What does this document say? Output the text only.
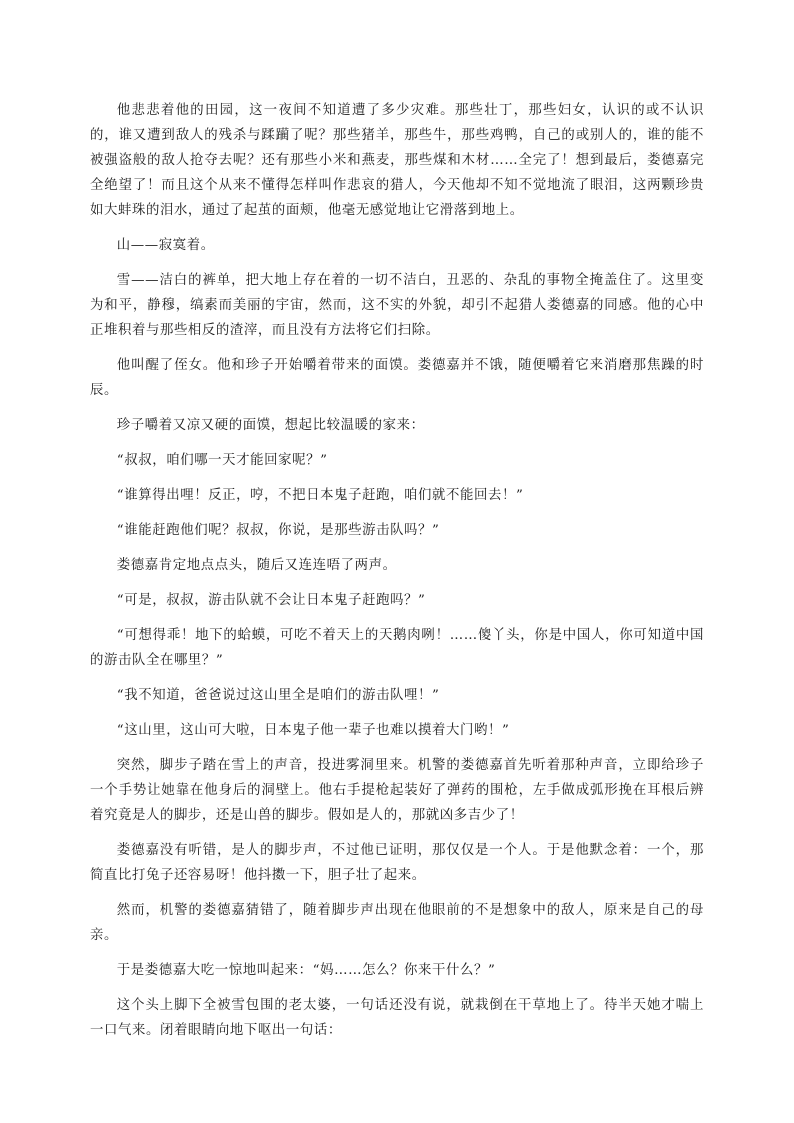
他悲悲着他的田园，这一夜间不知道遭了多少灾难。那些壮丁，那些妇女，认识的或不认识的，谁又遭到敌人的残杀与蹂躏了呢？那些猪羊，那些牛，那些鸡鸭，自己的或别人的，谁的能不被强盗般的敌人抢夺去呢？还有那些小米和燕麦，那些煤和木材……全完了！想到最后，娄德嘉完全绝望了！而且这个从来不懂得怎样叫作悲哀的猎人，今天他却不知不觉地流了眼泪，这两颗珍贵如大蚌珠的泪水，通过了起茧的面颊，他毫无感觉地让它滑落到地上。

山——寂寞着。

雪——洁白的裤单，把大地上存在着的一切不洁白，丑恶的、杂乱的事物全掩盖住了。这里变为和平，静穆，缟素而美丽的宇宙，然而，这不实的外貌，却引不起猎人娄德嘉的同感。他的心中正堆积着与那些相反的渣滓，而且没有方法将它们扫除。

他叫醒了侄女。他和珍子开始嚼着带来的面馍。娄德嘉并不饿，随便嚼着它来消磨那焦躁的时辰。

珍子嚼着又凉又硬的面馍，想起比较温暖的家来：

“叔叔，咱们哪一天才能回家呢？”

“谁算得出哩！反正，哼，不把日本鬼子赶跑，咱们就不能回去！”

“谁能赶跑他们呢？叔叔，你说，是那些游击队吗？”

娄德嘉肯定地点点头，随后又连连唔了两声。

“可是，叔叔，游击队就不会让日本鬼子赶跑吗？”

“可想得乖！地下的蛤蟆，可吃不着天上的天鹅肉咧！……傻丫头，你是中国人，你可知道中国的游击队全在哪里？”

“我不知道，爸爸说过这山里全是咱们的游击队哩！”

“这山里，这山可大啦，日本鬼子他一辈子也难以摸着大门哟！”

突然，脚步子踏在雪上的声音，投进雾洞里来。机警的娄德嘉首先听着那种声音，立即给珍子一个手势让她靠在他身后的洞壁上。他右手提枪起装好了弹药的围枪，左手做成弧形挽在耳根后辨着究竟是人的脚步，还是山兽的脚步。假如是人的，那就凶多吉少了！

娄德嘉没有听错，是人的脚步声，不过他已证明，那仅仅是一个人。于是他默念着：一个，那简直比打兔子还容易呀！他抖擞一下，胆子壮了起来。

然而，机警的娄德嘉猜错了，随着脚步声出现在他眼前的不是想象中的敌人，原来是自己的母亲。

于是娄德嘉大吃一惊地叫起来：“妈……怎么？你来干什么？”

这个头上脚下全被雪包围的老太婆，一句话还没有说，就栽倒在干草地上了。待半天她才喘上一口气来。闭着眼睛向地下呕出一句话：
